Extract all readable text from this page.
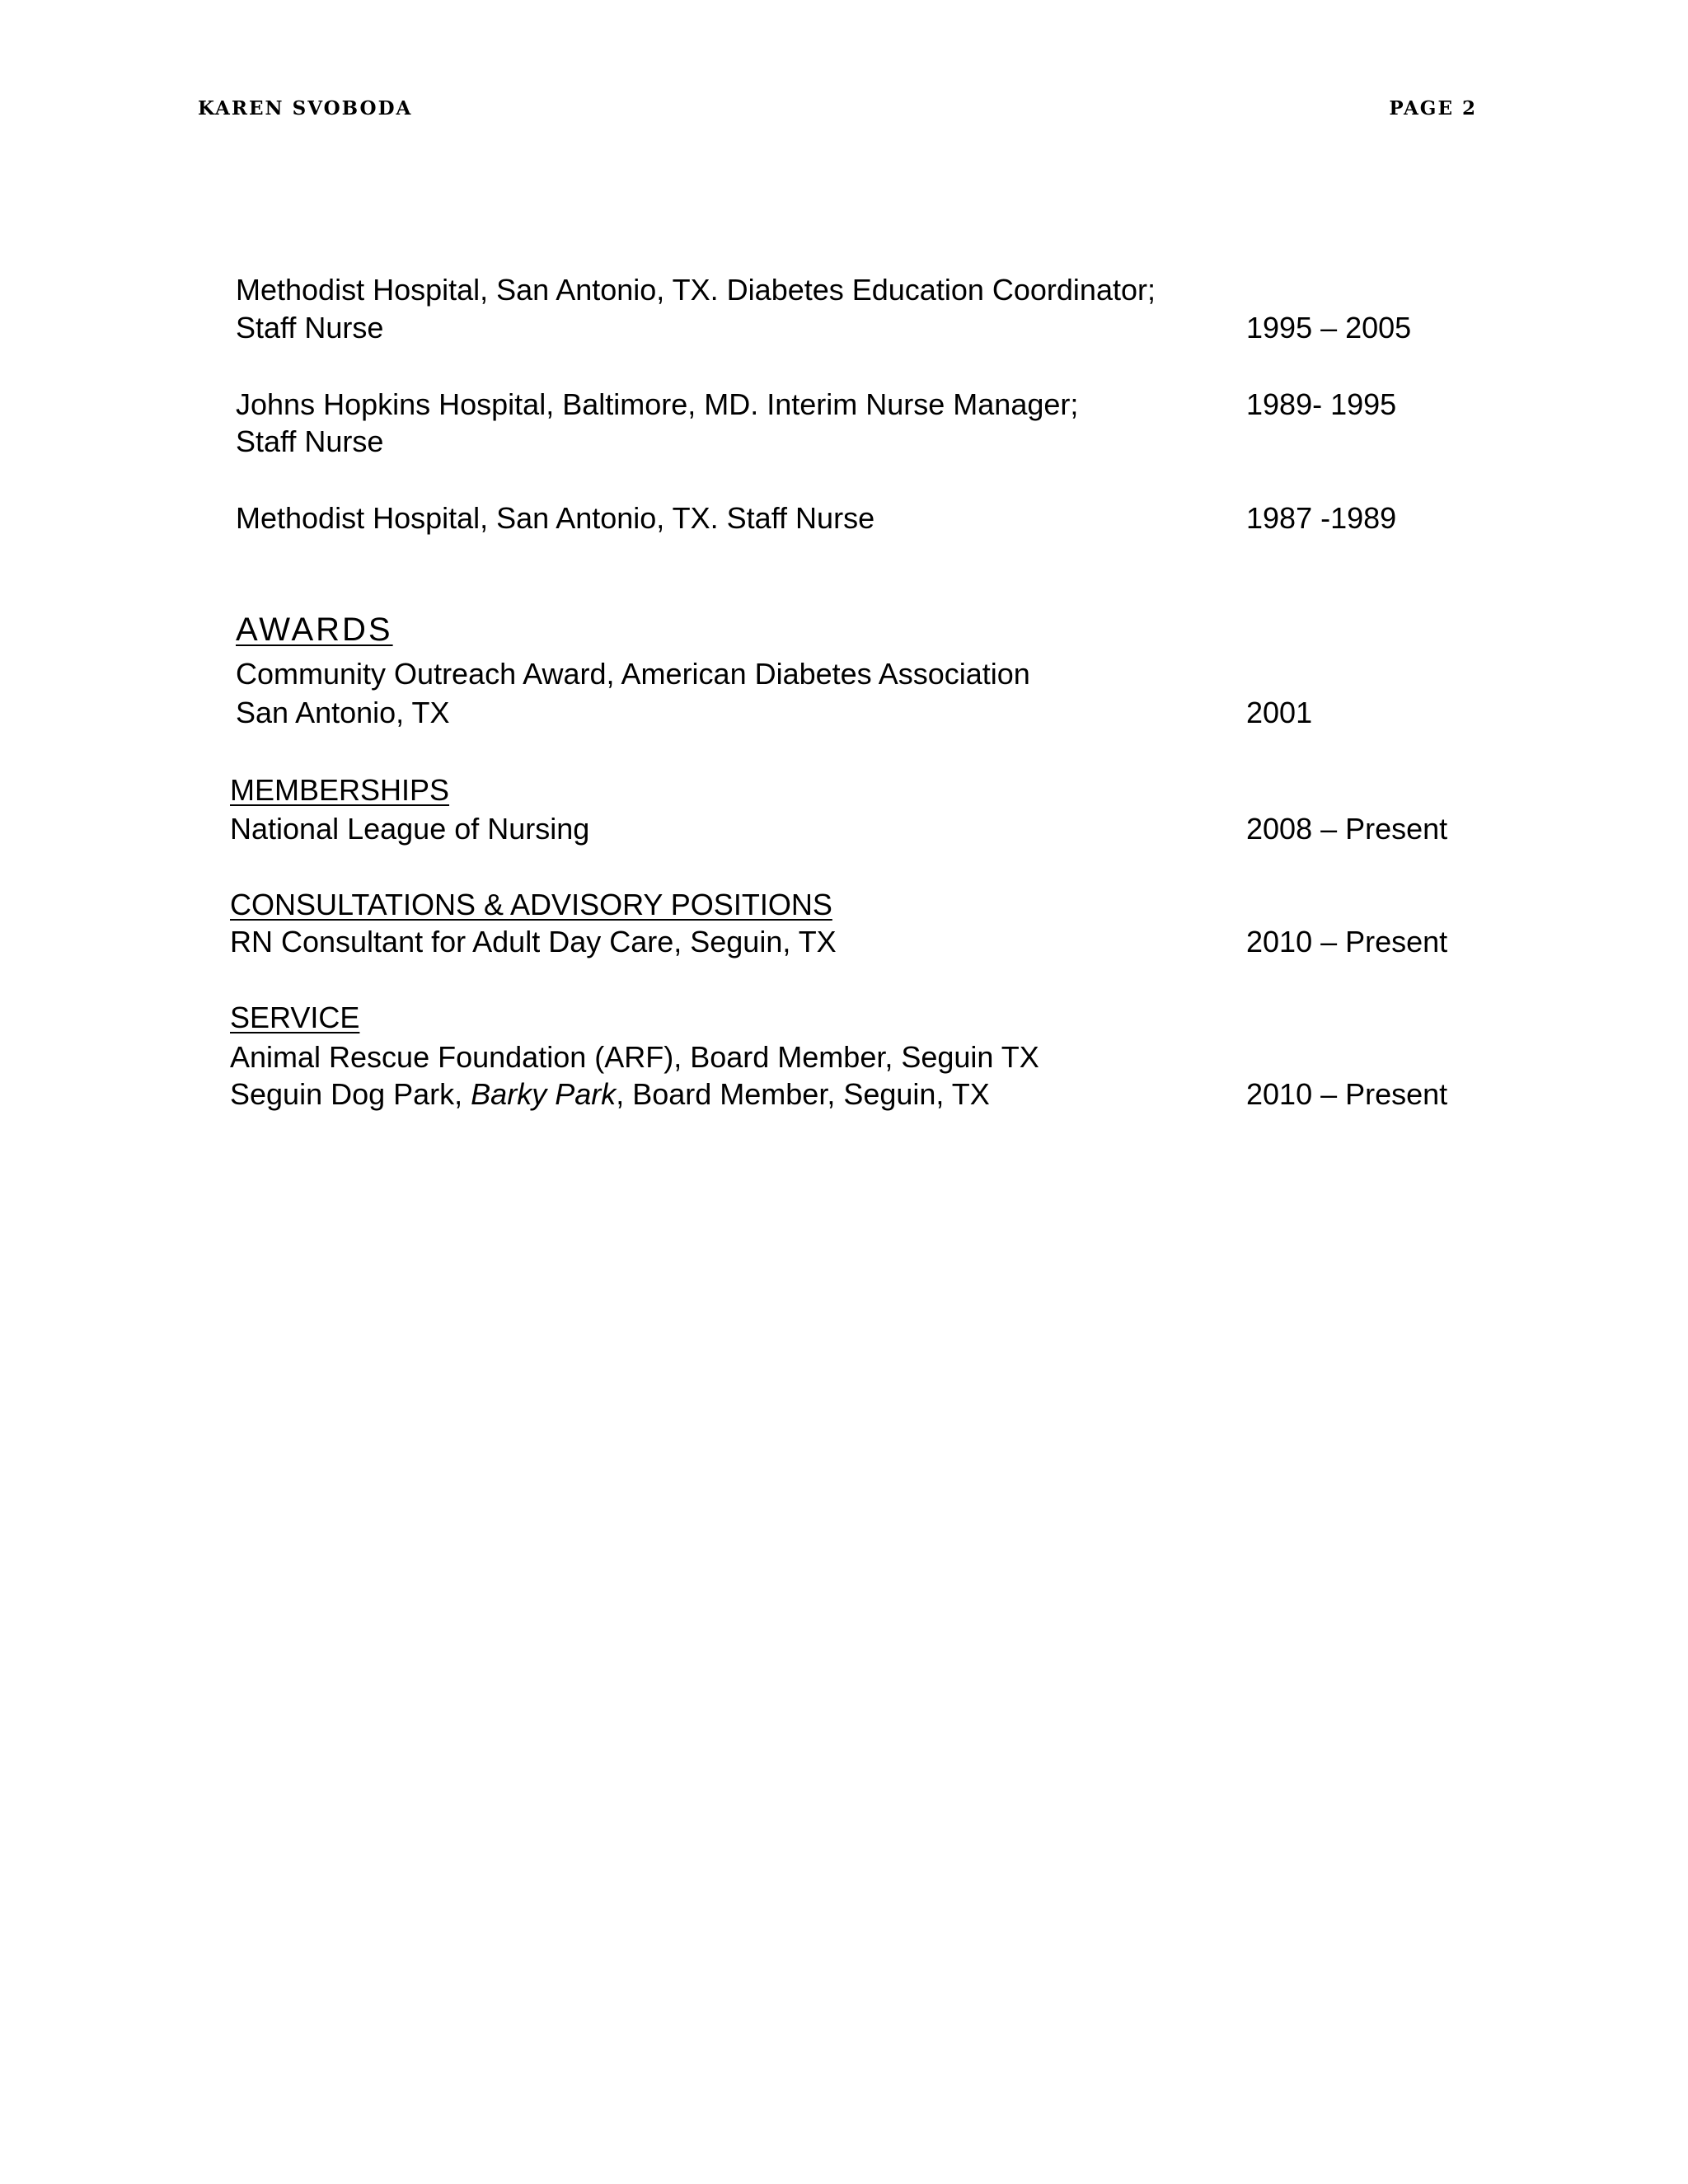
KAREN SVOBODA	PAGE 2
Methodist Hospital, San Antonio, TX. Diabetes Education Coordinator;
Staff Nurse	1995 – 2005
Johns Hopkins Hospital, Baltimore, MD. Interim Nurse Manager;	1989- 1995
Staff Nurse
Methodist Hospital, San Antonio, TX. Staff Nurse	1987 -1989
AWARDS
Community Outreach Award, American Diabetes Association
San Antonio, TX	2001
MEMBERSHIPS
National League of Nursing	2008 – Present
CONSULTATIONS & ADVISORY POSITIONS
RN Consultant for Adult Day Care, Seguin, TX	2010 – Present
SERVICE
Animal Rescue Foundation (ARF), Board Member, Seguin TX
Seguin Dog Park, Barky Park, Board Member, Seguin, TX	2010 – Present
